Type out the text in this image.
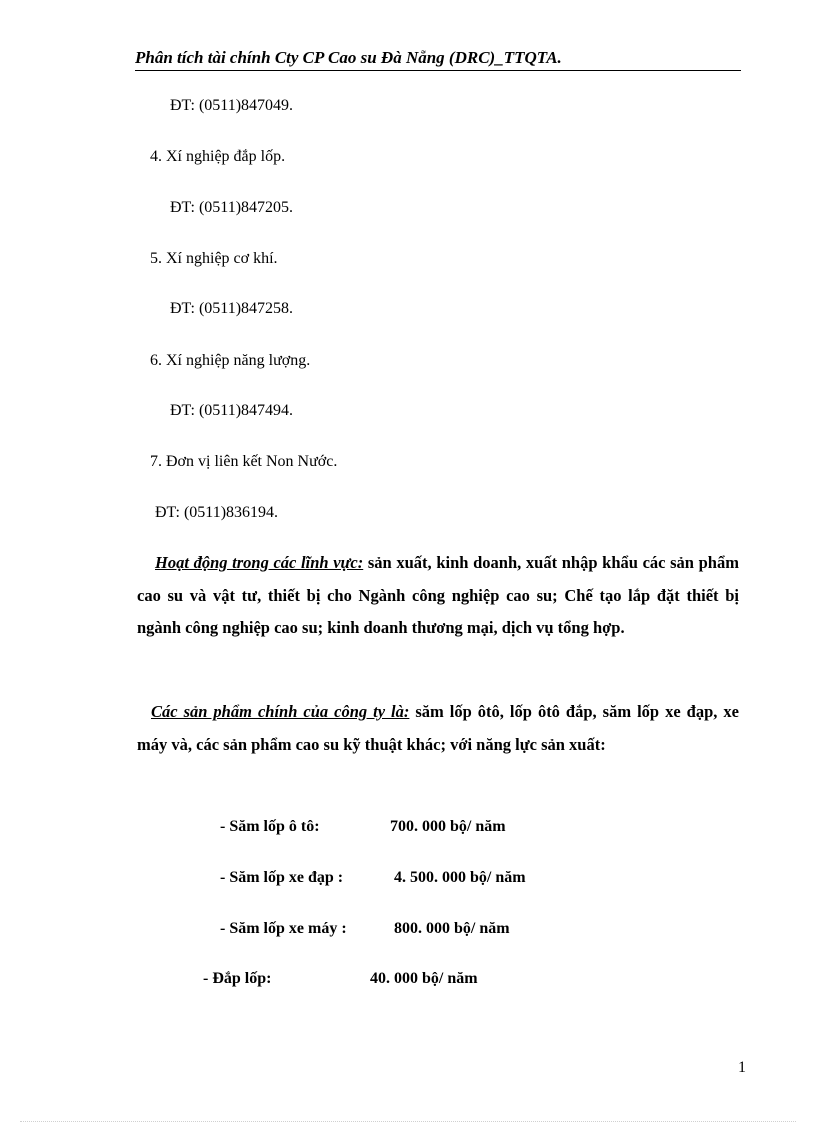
Phân tích tài chính Cty CP Cao su Đà Nẵng (DRC)_TTQTA.
ĐT: (0511)847049.
4. Xí nghiệp đắp lốp.
ĐT: (0511)847205.
5. Xí nghiệp cơ khí.
ĐT: (0511)847258.
6. Xí nghiệp năng lượng.
ĐT: (0511)847494.
7. Đơn vị liên kết Non Nước.
ĐT: (0511)836194.
Hoạt động trong các lĩnh vực: sản xuất, kinh doanh, xuất nhập khẩu các sản phẩm cao su và vật tư, thiết bị cho Ngành công nghiệp cao su; Chế tạo lắp đặt thiết bị ngành công nghiệp cao su; kinh doanh thương mại, dịch vụ tổng hợp.
Các sản phẩm chính của công ty là: săm lốp ôtô, lốp ôtô đắp, săm lốp xe đạp, xe máy và, các sản phẩm cao su kỹ thuật khác; với năng lực sản xuất:
- Săm lốp ô tô:	700. 000 bộ/ năm
- Săm lốp xe đạp :	4. 500. 000 bộ/ năm
- Săm lốp xe máy :	800. 000 bộ/ năm
- Đắp lốp:	40. 000 bộ/ năm
1
